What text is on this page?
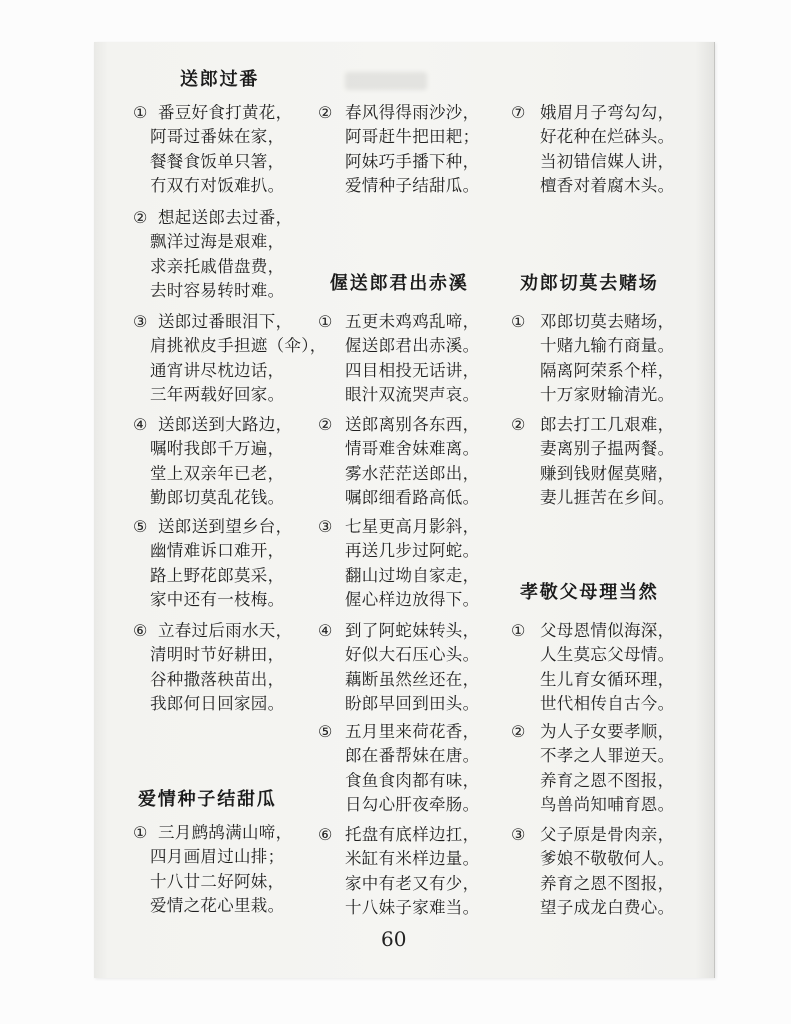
送郎过番
① 番豆好食打黄花，
阿哥过番妹在家，
餐餐食饭单只箸，
冇双冇对饭难扒。
② 想起送郎去过番，
飘洋过海是艰难，
求亲托戚借盘费，
去时容易转时难。
③ 送郎过番眼泪下，
肩挑袱皮手担遮（伞），
通宵讲尽枕边话，
三年两载好回家。
④ 送郎送到大路边，
嘱咐我郎千万遍，
堂上双亲年已老，
勤郎切莫乱花钱。
⑤ 送郎送到望乡台，
幽情难诉口难开，
路上野花郎莫采，
家中还有一枝梅。
⑥ 立春过后雨水天，
清明时节好耕田，
谷种撒落秧苗出，
我郎何日回家园。
爱情种子结甜瓜
① 三月鹧鸪满山啼，
四月画眉过山排；
十八廿二好阿妹，
爱情之花心里栽。
② 春风得得雨沙沙，
阿哥赶牛把田耙；
阿妹巧手播下种，
爱情种子结甜瓜。
偓送郎君出赤溪
① 五更未鸡鸡乱啼，
偓送郎君出赤溪。
四目相投无话讲，
眼汁双流哭声哀。
② 送郎离别各东西，
情哥难舍妹难离。
雾水茫茫送郎出，
嘱郎细看路高低。
③ 七星更高月影斜，
再送几步过阿蛇。
翻山过坳自家走，
偓心样边放得下。
④ 到了阿蛇妹转头，
好似大石压心头。
藕断虽然丝还在，
盼郎早回到田头。
⑤ 五月里来荷花香，
郎在番帮妹在唐。
食鱼食肉都有味，
日勾心肝夜牵肠。
⑥ 托盘有底样边扛，
米缸有米样边量。
家中有老又有少，
十八妹子家难当。
⑦ 娥眉月子弯勾勾，
好花种在烂砵头。
当初错信媒人讲，
檀香对着腐木头。
劝郎切莫去赌场
① 邓郎切莫去赌场，
十赌九输冇商量。
隔离阿荣系个样，
十万家财输清光。
② 郎去打工几艰难，
妻离别子揾两餐。
赚到钱财偓莫赌，
妻儿捱苦在乡间。
孝敬父母理当然
① 父母恩情似海深，
人生莫忘父母情。
生儿育女循环理，
世代相传自古今。
② 为人子女要孝顺，
不孝之人罪逆天。
养育之恩不图报，
鸟兽尚知哺育恩。
③ 父子原是骨肉亲，
爹娘不敬敬何人。
养育之恩不图报，
望子成龙白费心。
60
